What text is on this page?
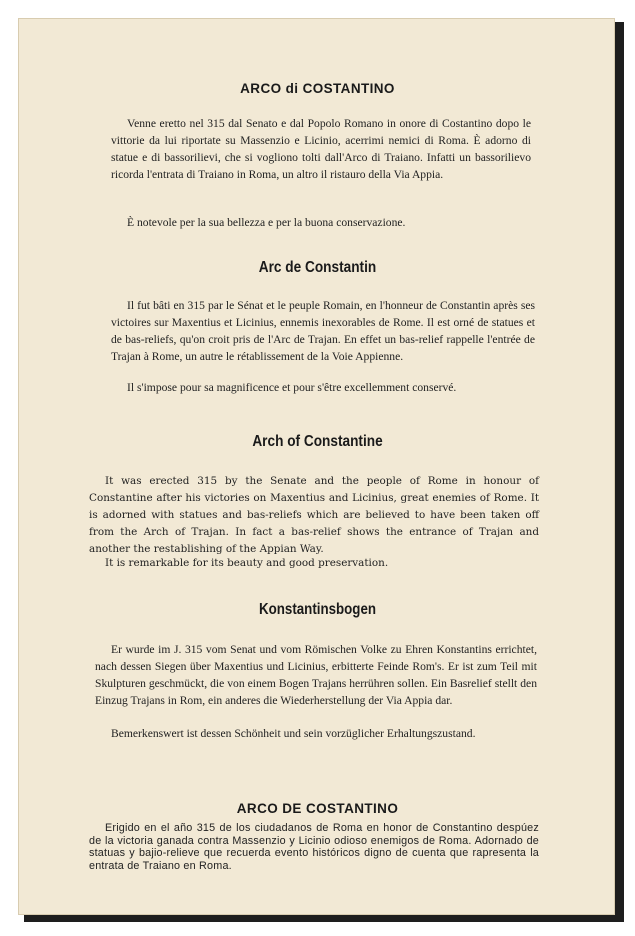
ARCO di COSTANTINO

Venne eretto nel 315 dal Senato e dal Popolo Romano in onore di Costantino dopo le vittorie da lui riportate su Massenzio e Licinio, acerrimi nemici di Roma. È adorno di statue e di bassorilievi, che si vogliono tolti dall'Arco di Traiano. Infatti un bassorilievo ricorda l'entrata di Traiano in Roma, un altro il ristauro della Via Appia.

È notevole per la sua bellezza e per la buona conservazione.

Arc de Constantin

Il fut bâti en 315 par le Sénat et le peuple Romain, en l'honneur de Constantin après ses victoires sur Maxentius et Licinius, ennemis inexorables de Rome. Il est orné de statues et de bas-reliefs, qu'on croit pris de l'Arc de Trajan. En effet un bas-relief rappelle l'entrée de Trajan à Rome, un autre le rétablissement de la Voie Appienne.

Il s'impose pour sa magnificence et pour s'être excellemment conservé.

Arch of Constantine

It was erected 315 by the Senate and the people of Rome in honour of Constantine after his victories on Maxentius and Licinius, great enemies of Rome. It is adorned with statues and bas-reliefs which are believed to have been taken off from the Arch of Trajan. In fact a bas-relief shows the entrance of Trajan and another the restablishing of the Appian Way.

It is remarkable for its beauty and good preservation.

Konstantinsbogen

Er wurde im J. 315 vom Senat und vom Römischen Volke zu Ehren Konstantins errichtet, nach dessen Siegen über Maxentius und Licinius, erbitterte Feinde Rom's. Er ist zum Teil mit Skulpturen geschmückt, die von einem Bogen Trajans herrühren sollen. Ein Basrelief stellt den Einzug Trajans in Rom, ein anderes die Wiederherstellung der Via Appia dar.

Bemerkenswert ist dessen Schönheit und sein vorzüglicher Erhaltungszustand.

ARCO DE COSTANTINO

Erigido en el año 315 de los ciudadanos de Roma en honor de Constantino despúez de la victoria ganada contra Massenzio y Licinio odioso enemigos de Roma. Adornado de statuas y bajio-relieve que recuerda evento históricos digno de cuenta que rapresenta la entrata de Traiano en Roma.
